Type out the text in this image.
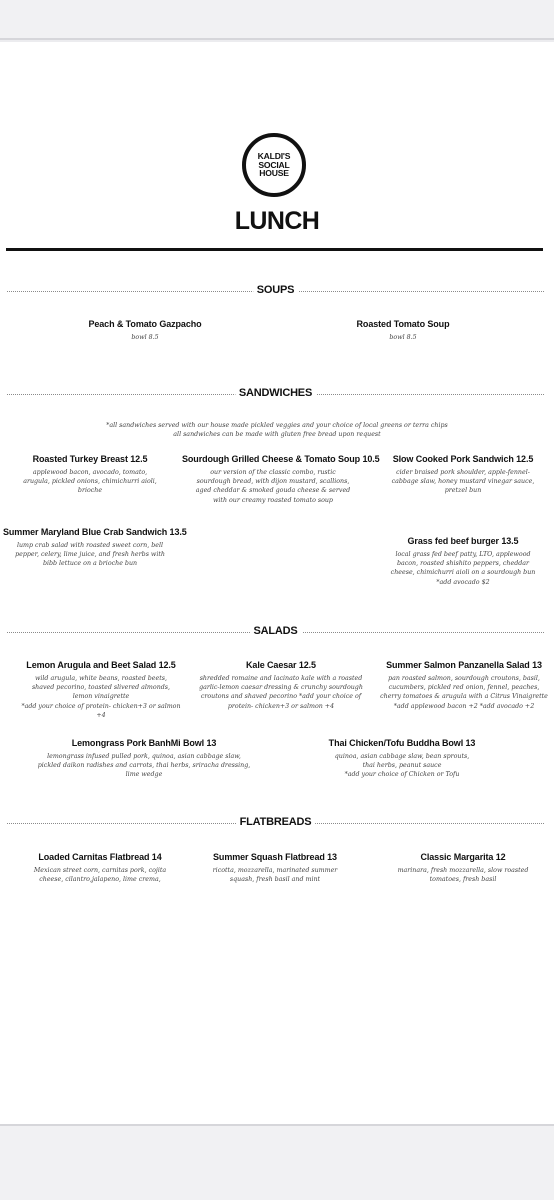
KALDI'S
SOCIAL
HOUSE
LUNCH
SOUPS
Peach & Tomato Gazpacho
bowl 8.5
Roasted Tomato Soup
bowl 8.5
SANDWICHES
*all sandwiches served with our house made pickled veggies and your choice of local greens or terra chips
all sandwiches can be made with gluten free bread upon request
Roasted Turkey Breast 12.5
applewood bacon, avocado, tomato, arugula, pickled onions, chimichurri aioli, brioche
Sourdough Grilled Cheese & Tomato Soup 10.5
our version of the classic combo, rustic sourdough bread, with dijon mustard, scallions, aged cheddar & smoked gouda cheese & served with our creamy roasted tomato soup
Slow Cooked Pork Sandwich 12.5
cider braised pork shoulder, apple-fennel-cabbage slaw, honey mustard vinegar sauce, pretzel bun
Summer Maryland Blue Crab Sandwich 13.5
lump crab salad with roasted sweet corn, bell pepper, celery, lime juice, and fresh herbs with bibb lettuce on a brioche bun
Grass fed beef burger 13.5
local grass fed beef patty, LTO, applewood bacon, roasted shishito peppers, cheddar cheese, chimichurri aioli on a sourdough bun
*add avocado $2
SALADS
Lemon Arugula and Beet Salad 12.5
wild arugula, white beans, roasted beets, shaved pecorino, toasted slivered almonds, lemon vinaigrette
*add your choice of protein- chicken+3 or salmon +4
Kale Caesar 12.5
shredded romaine and lacinato kale with a roasted garlic-lemon caesar dressing & crunchy sourdough croutons and shaved pecorino *add your choice of protein- chicken+3 or salmon +4
Summer Salmon Panzanella Salad 13
pan roasted salmon, sourdough croutons, basil, cucumbers, pickled red onion, fennel, peaches, cherry tomatoes & arugula with a Citrus Vinaigrette
*add applewood bacon +2 *add avocado +2
Lemongrass Pork BanhMi Bowl 13
lemongrass infused pulled pork, quinoa, asian cabbage slaw, pickled daikon radishes and carrots, thai herbs, sriracha dressing, lime wedge
Thai Chicken/Tofu Buddha Bowl 13
quinoa, asian cabbage slaw, bean sprouts, thai herbs, peanut sauce
*add your choice of Chicken or Tofu
FLATBREADS
Loaded Carnitas Flatbread 14
Mexican street corn, carnitas pork, cojita cheese, cilantro,jalapeno, lime crema,
Summer Squash Flatbread 13
ricotta, mozzarella, marinated summer squash, fresh basil and mint
Classic Margarita 12
marinara, fresh mozzarella, slow roasted tomatoes, fresh basil
